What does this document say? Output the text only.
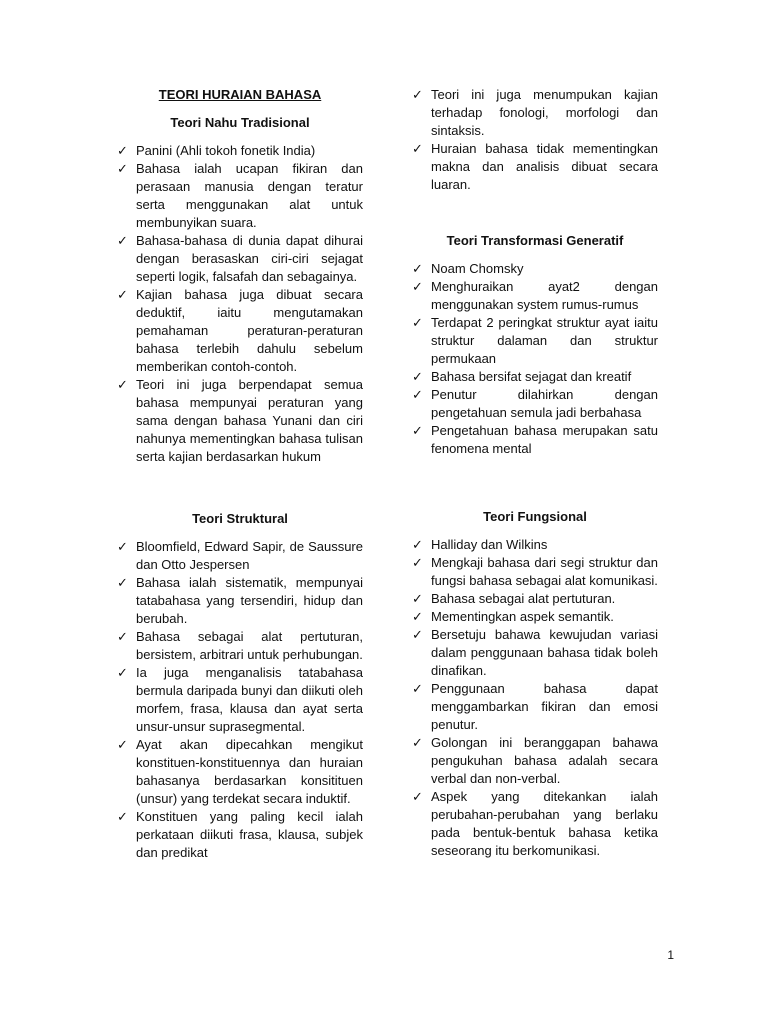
TEORI HURAIAN BAHASA
Teori Nahu Tradisional
✓ Panini (Ahli tokoh fonetik India)
✓ Bahasa ialah ucapan fikiran dan perasaan manusia dengan teratur serta menggunakan alat untuk membunyikan suara.
✓ Bahasa-bahasa di dunia dapat dihurai dengan berasaskan ciri-ciri sejagat seperti logik, falsafah dan sebagainya.
✓ Kajian bahasa juga dibuat secara deduktif, iaitu mengutamakan pemahaman peraturan-peraturan bahasa terlebih dahulu sebelum memberikan contoh-contoh.
✓ Teori ini juga berpendapat semua bahasa mempunyai peraturan yang sama dengan bahasa Yunani dan ciri nahunya mementingkan bahasa tulisan serta kajian berdasarkan hukum
Teori Struktural
✓ Bloomfield, Edward Sapir, de Saussure dan Otto Jespersen
✓ Bahasa ialah sistematik, mempunyai tatabahasa yang tersendiri, hidup dan berubah.
✓ Bahasa sebagai alat pertuturan, bersistem, arbitrari untuk perhubungan.
✓ Ia juga menganalisis tatabahasa bermula daripada bunyi dan diikuti oleh morfem, frasa, klausa dan ayat serta unsur-unsur suprasegmental.
✓ Ayat akan dipecahkan mengikut konstituen-konstituennya dan huraian bahasanya berdasarkan konsitituen (unsur) yang terdekat secara induktif.
✓ Konstituen yang paling kecil ialah perkataan diikuti frasa, klausa, subjek dan predikat
✓ Teori ini juga menumpukan kajian terhadap fonologi, morfologi dan sintaksis.
✓ Huraian bahasa tidak mementingkan makna dan analisis dibuat secara luaran.
Teori Transformasi Generatif
✓ Noam Chomsky
✓ Menghuraikan ayat2 dengan menggunakan system rumus-rumus
✓ Terdapat 2 peringkat struktur ayat iaitu struktur dalaman dan struktur permukaan
✓ Bahasa bersifat sejagat dan kreatif
✓ Penutur dilahirkan dengan pengetahuan semula jadi berbahasa
✓ Pengetahuan bahasa merupakan satu fenomena mental
Teori Fungsional
✓ Halliday dan Wilkins
✓ Mengkaji bahasa dari segi struktur dan fungsi bahasa sebagai alat komunikasi.
✓ Bahasa sebagai alat pertuturan.
✓ Mementingkan aspek semantik.
✓ Bersetuju bahawa kewujudan variasi dalam penggunaan bahasa tidak boleh dinafikan.
✓ Penggunaan bahasa dapat menggambarkan fikiran dan emosi penutur.
✓ Golongan ini beranggapan bahawa pengukuhan bahasa adalah secara verbal dan non-verbal.
✓ Aspek yang ditekankan ialah perubahan-perubahan yang berlaku pada bentuk-bentuk bahasa ketika seseorang itu berkomunikasi.
1
